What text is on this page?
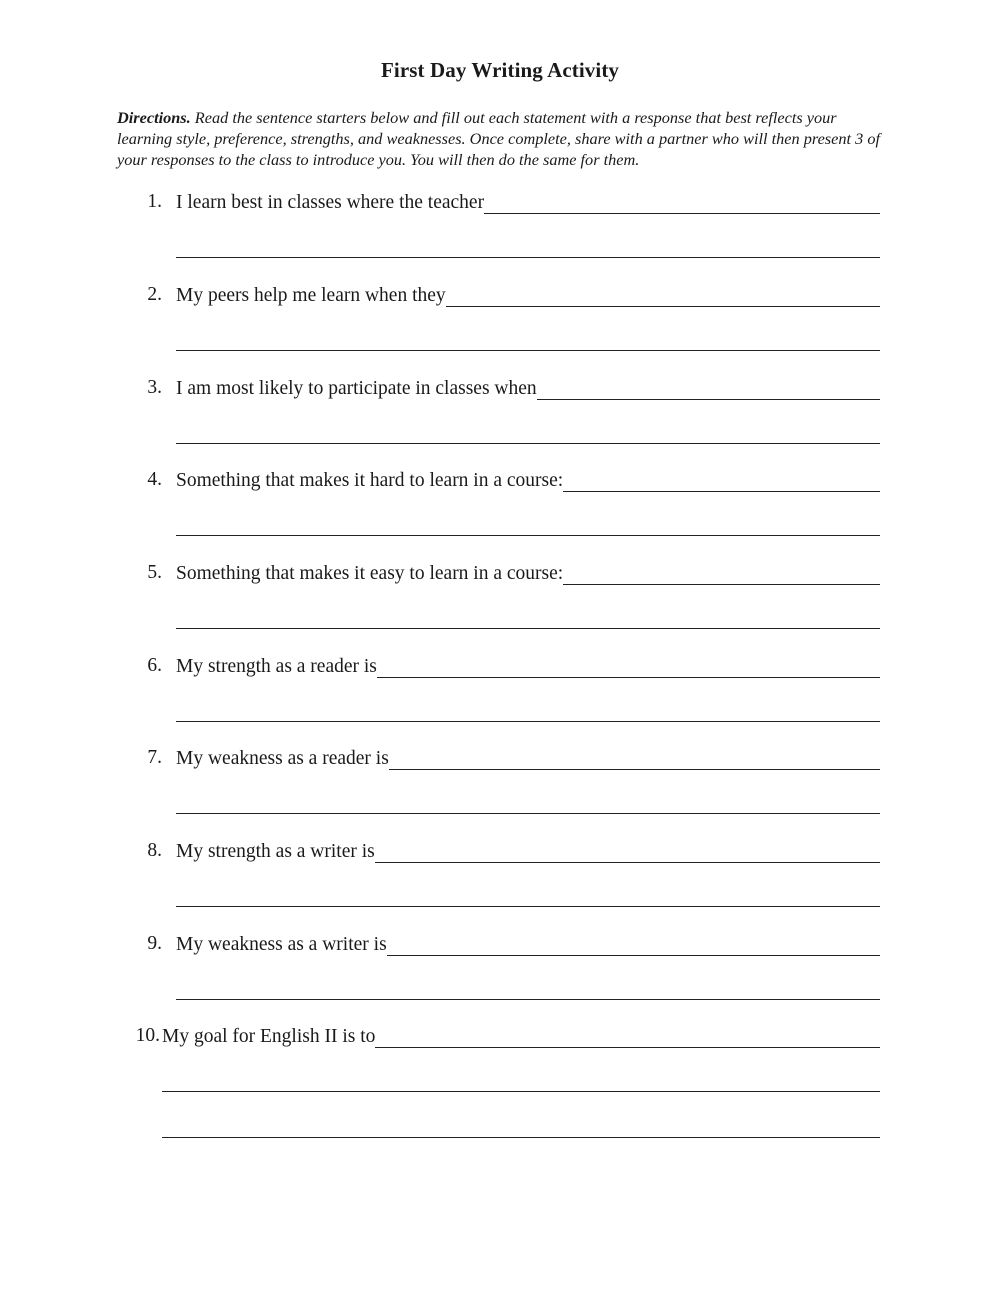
First Day Writing Activity
Directions. Read the sentence starters below and fill out each statement with a response that best reflects your learning style, preference, strengths, and weaknesses. Once complete, share with a partner who will then present 3 of your responses to the class to introduce you. You will then do the same for them.
1. I learn best in classes where the teacher
2. My peers help me learn when they
3. I am most likely to participate in classes when
4. Something that makes it hard to learn in a course:
5. Something that makes it easy to learn in a course:
6. My strength as a reader is
7. My weakness as a reader is
8. My strength as a writer is
9. My weakness as a writer is
10. My goal for English II is to
